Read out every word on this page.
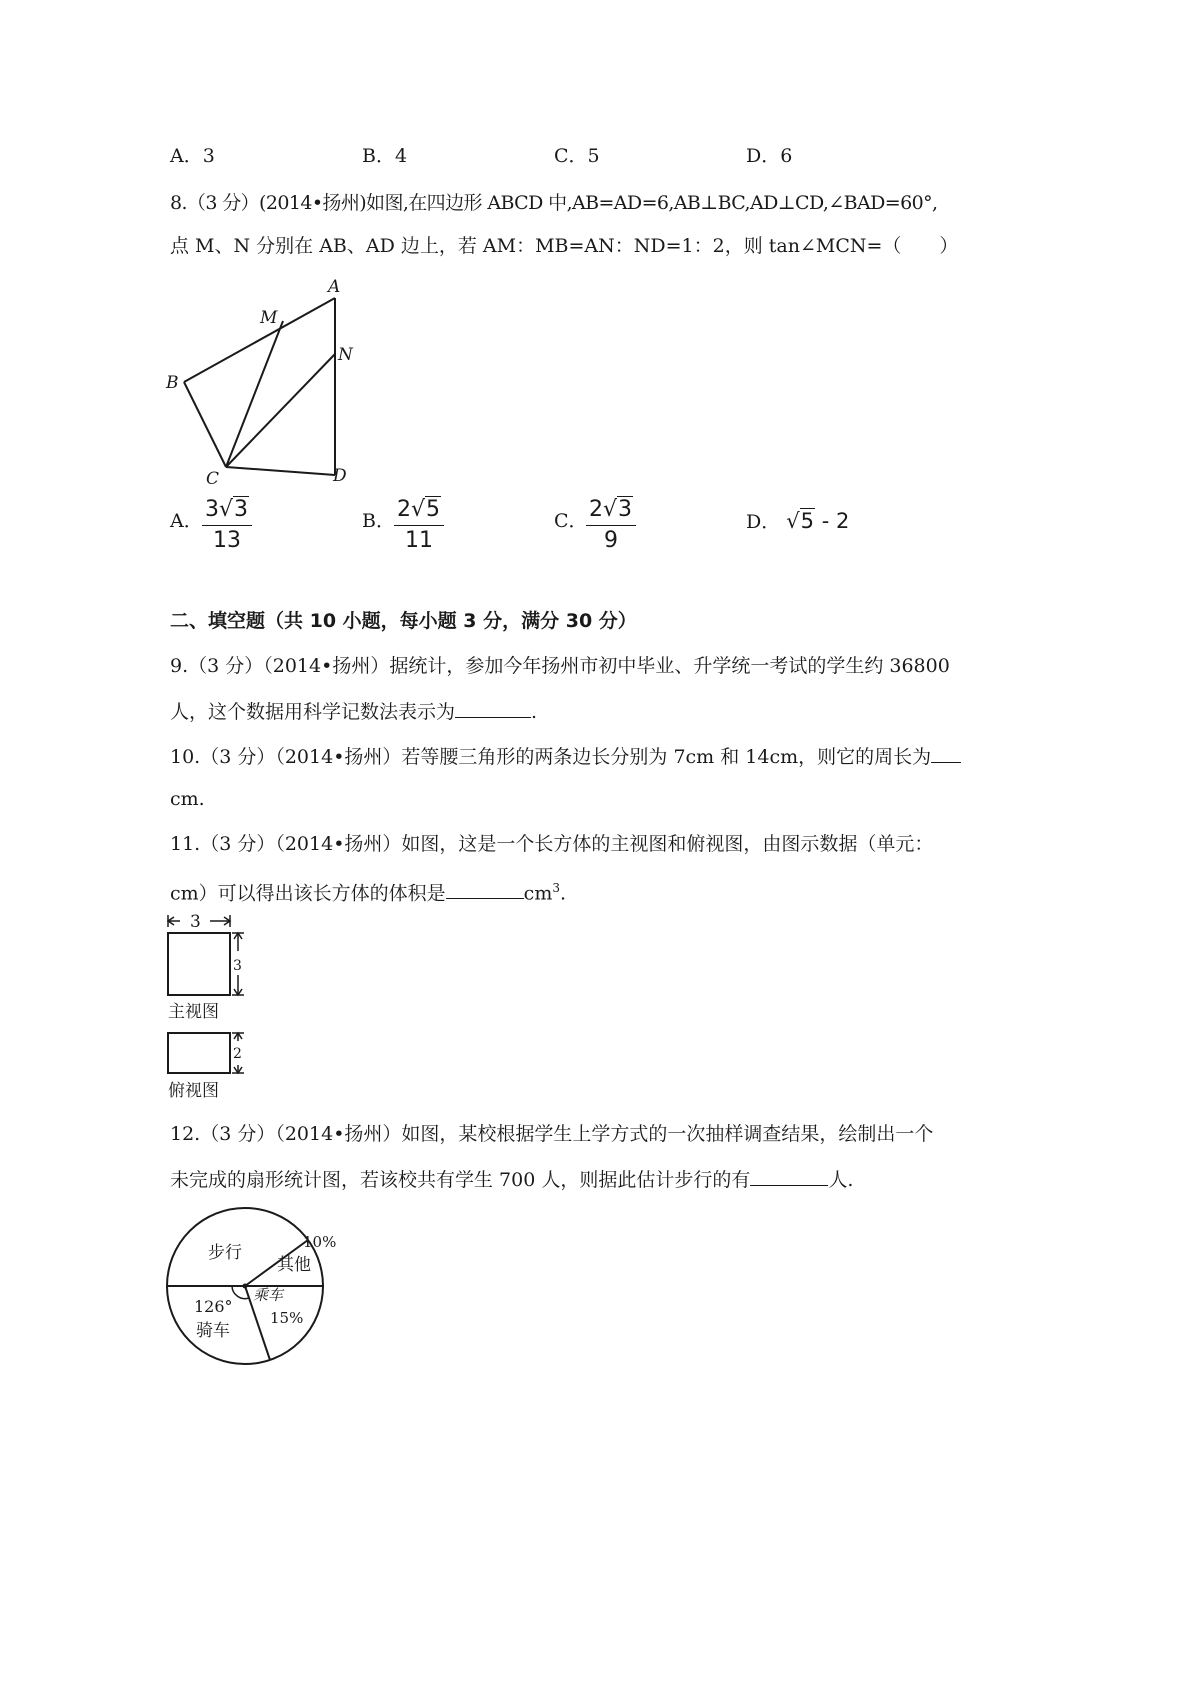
A．3	B．4	C．5	D．6
8.（3 分）(2014•扬州)如图,在四边形 ABCD 中,AB=AD=6,AB⊥BC,AD⊥CD,∠BAD=60°,
点 M、N 分别在 AB、AD 边上，若 AM：MB=AN：ND=1：2，则 tan∠MCN=（　　）
A
M
N
B
C	D
A． 3√3
13
B． 2√5
11
C． 2√3
9
D． √5 - 2
二、填空题（共 10 小题，每小题 3 分，满分 30 分）
9.（3 分）（2014•扬州）据统计，参加今年扬州市初中毕业、升学统一考试的学生约 36800
人，这个数据用科学记数法表示为	.
10.（3 分）（2014•扬州）若等腰三角形的两条边长分别为 7cm 和 14cm，则它的周长为
cm.
11.（3 分）（2014•扬州）如图，这是一个长方体的主视图和俯视图，由图示数据（单元：
cm）可以得出该长方体的体积是	$cm^3$.
3
3
2
主视图
俯视图
12.（3 分）（2014•扬州）如图，某校根据学生上学方式的一次抽样调查结果，绘制出一个
未完成的扇形统计图，若该校共有学生 700 人，则据此估计步行的有	人.
步行
其他
10%
乘车
15%
126°
骑车
